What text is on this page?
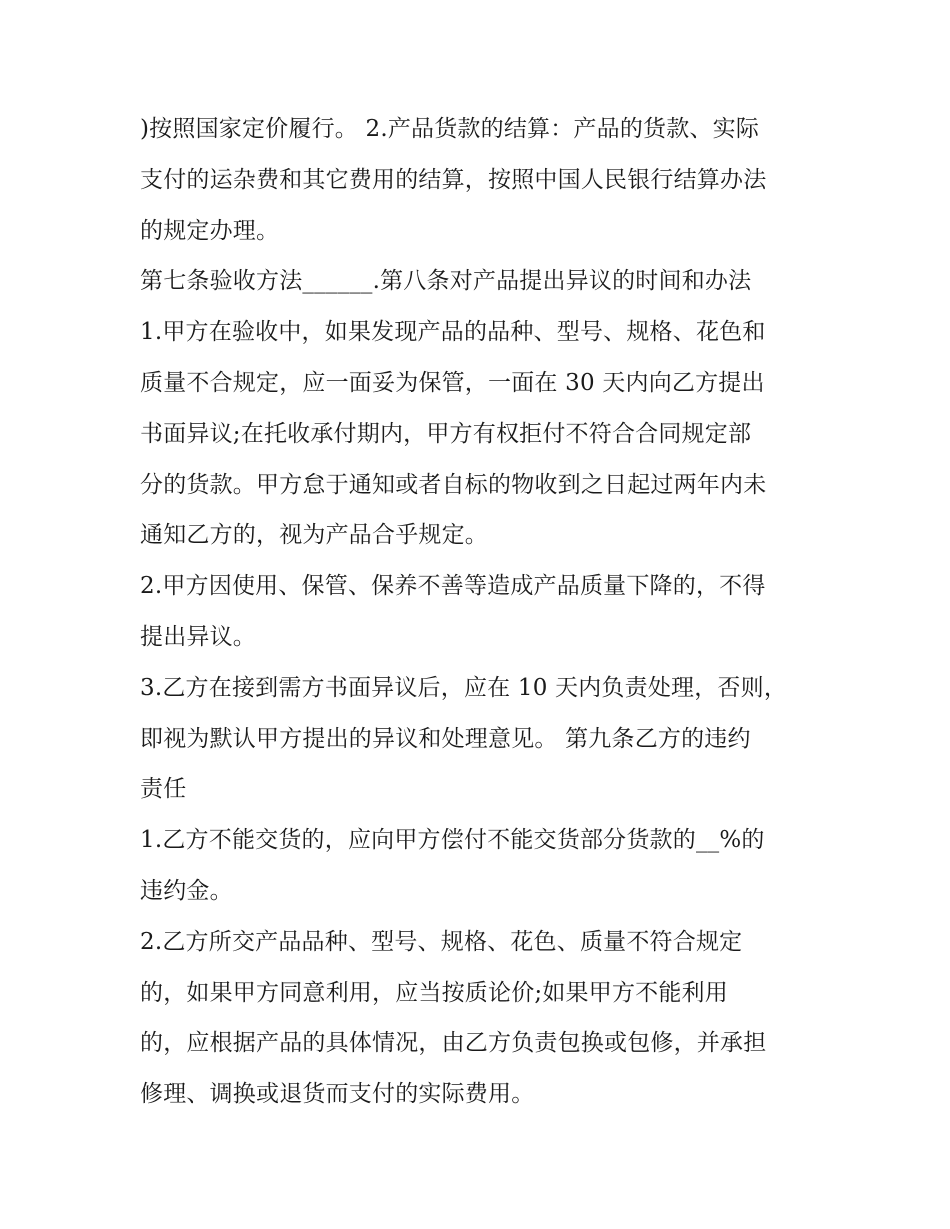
)按照国家定价履行。 2.产品货款的结算：产品的货款、实际
支付的运杂费和其它费用的结算，按照中国人民银行结算办法
的规定办理。
第七条验收方法______.第八条对产品提出异议的时间和办法
1.甲方在验收中，如果发现产品的品种、型号、规格、花色和
质量不合规定，应一面妥为保管，一面在 30 天内向乙方提出
书面异议;在托收承付期内，甲方有权拒付不符合合同规定部
分的货款。甲方怠于通知或者自标的物收到之日起过两年内未
通知乙方的，视为产品合乎规定。
2.甲方因使用、保管、保养不善等造成产品质量下降的，不得
提出异议。
3.乙方在接到需方书面异议后，应在 10 天内负责处理，否则，
即视为默认甲方提出的异议和处理意见。 第九条乙方的违约
责任
1.乙方不能交货的，应向甲方偿付不能交货部分货款的__%的
违约金。
2.乙方所交产品品种、型号、规格、花色、质量不符合规定
的，如果甲方同意利用，应当按质论价;如果甲方不能利用
的，应根据产品的具体情况，由乙方负责包换或包修，并承担
修理、调换或退货而支付的实际费用。
